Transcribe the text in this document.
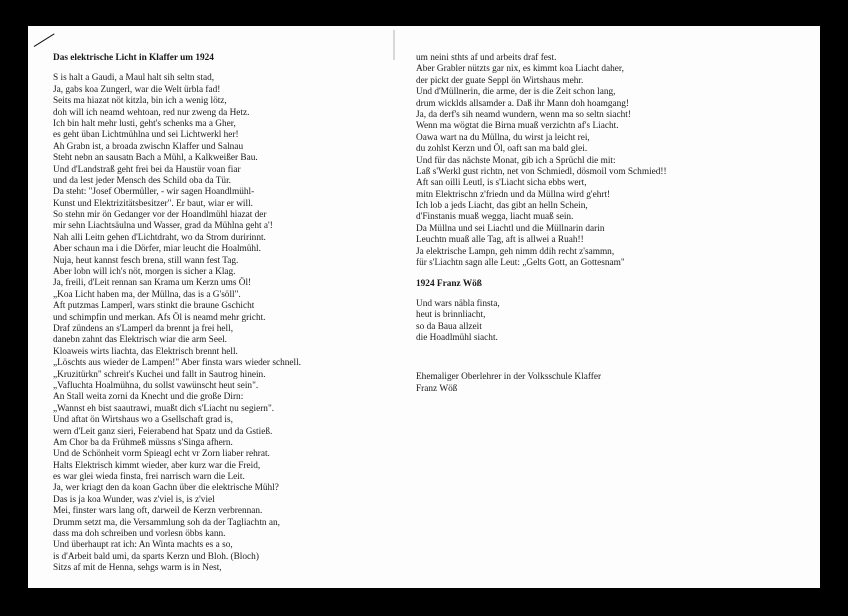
Das elektrische Licht in Klaffer um 1924
S is halt a Gaudi, a Maul halt sih seltn stad,
Ja, gabs koa Zungerl, war die Welt ürbla fad!
Seits ma hiazat nöt kitzla, bin ich a wenig lötz,
doh will ich neamd wehtoan, red nur zweng da Hetz.
Ich bin halt mehr lusti, geht's schenks ma a Gher,
es geht üban Lichtmühlna und sei Lichtwerkl her!
Ah Grabn ist, a broada zwischn Klaffer und Salnau
Steht nebn an sausatn Bach a Mühl, a Kalkweißer Bau.
Und d'Landstraß geht frei bei da Haustür voan fiar
und da lest jeder Mensch des Schild oba da Tür.
Da steht: "Josef Obermüller, - wir sagen Hoandlmühl-
Kunst und Elektrizitätsbesitzer". Er baut, wiar er will.
So stehn mir ön Gedanger vor der Hoandlmühl hiazat der
mir sehn Liachtsäulna und Wasser, grad da Mühlna geht a'!
Nah alli Leitn gehen d'Lichtdraht, wo da Strom duririnnt.
Aber schaun ma i die Dörfer, miar leucht die Hoalmühl.
Nuja, heut kannst fesch brena, still wann fest Tag.
Aber lobn will ich's nöt, morgen is sicher a Klag.
Ja, freili, d'Leit rennan san Krama um Kerzn ums Öl!
„Koa Licht haben ma, der Müllna, das is a G'söll".
Aft putzmas Lamperl, wars stinkt die braune Gschicht
und schimpfin und merkan. Afs Öl is neamd mehr gricht.
Draf zündens an s'Lamperl da brennt ja frei hell,
danebn zahnt das Elektrisch wiar die arm Seel.
Kloaweis wirts liachta, das Elektrisch brennt hell.
„Löschts aus wieder de Lampen!" Aber finsta wars wieder schnell.
„Kruzitürkn" schreit's Kuchei und fallt in Sautrog hinein.
„Vafluchta Hoalmühna, du sollst vawünscht heut sein".
An Stall weita zorni da Knecht und die große Dirn:
„Wannst eh bist saautrawi, muaßt dich s'Liacht nu segiern".
Und aftat ön Wirtshaus wo a Gsellschaft grad is,
wern d'Leit ganz sieri, Feierabend hat Spatz und da Gstieß.
Am Chor ba da Frühmeß müssns s'Singa afhern.
Und de Schönheit vorm Spieagl echt vr Zorn liaber rehrat.
Halts Elektrisch kimmt wieder, aber kurz war die Freid,
es war glei wieda finsta, frei narrisch warn die Leit.
Ja, wer kriagt den da koan Gachn über die elektrische Mühl?
Das is ja koa Wunder, was z'viel is, is z'viel
Mei, finster wars lang oft, darweil de Kerzn verbrennan.
Drumm setzt ma, die Versammlung soh da der Tagliachtn an,
dass ma doh schreiben und vorlesn öbbs kann.
Und überhaupt rat ich: An Winta machts es a so,
is d'Arbeit bald umi, da sparts Kerzn und Bloh. (Bloch)
Sitzs af mit de Henna, sehgs warm is in Nest,
um neini sthts af und arbeits draf fest.
Aber Grabler nützts gar nix, es kimmt koa Liacht daher,
der pickt der guate Seppl ön Wirtshaus mehr.
Und d'Müllnerin, die arme, der is die Zeit schon lang,
drum wicklds allsamder a. Daß ihr Mann doh hoamgang!
Ja, da derf's sih neamd wundern, wenn ma so seltn siacht!
Wenn ma wögtat die Birna muaß verzichtn af's Liacht.
Oawa wart na du Müllna, du wirst ja leicht rei,
du zohlst Kerzn und Öl, oaft san ma bald glei.
Und für das nächste Monat, gib ich a Sprüchl die mit:
Laß s'Werkl gust richtn, net von Schmiedl, dösmoil vom Schmied!!
Aft san oilli Leutl, is s'Liacht sicha ebbs wert,
mitn Elektrischn z'friedn und da Müllna wird g'ehrt!
Ich lob a jeds Liacht, das gibt an helln Schein,
d'Finstanis muaß wegga, liacht muaß sein.
Da Müllna und sei Liachtl und die Müllnarin darin
Leuchtn muaß alle Tag, aft is allwei a Ruah!!
Ja elektrische Lampn, geh nimm ddih recht z'sammn,
für s'Liachtn sagn alle Leut: „Gelts Gott, an Gottesnam"
1924 Franz Wöß
Und wars näbla finsta,
heut is brinnliacht,
so da Baua allzeit
die Hoadlmühl siacht.
Ehemaliger Oberlehrer in der Volksschule Klaffer
Franz Wöß
